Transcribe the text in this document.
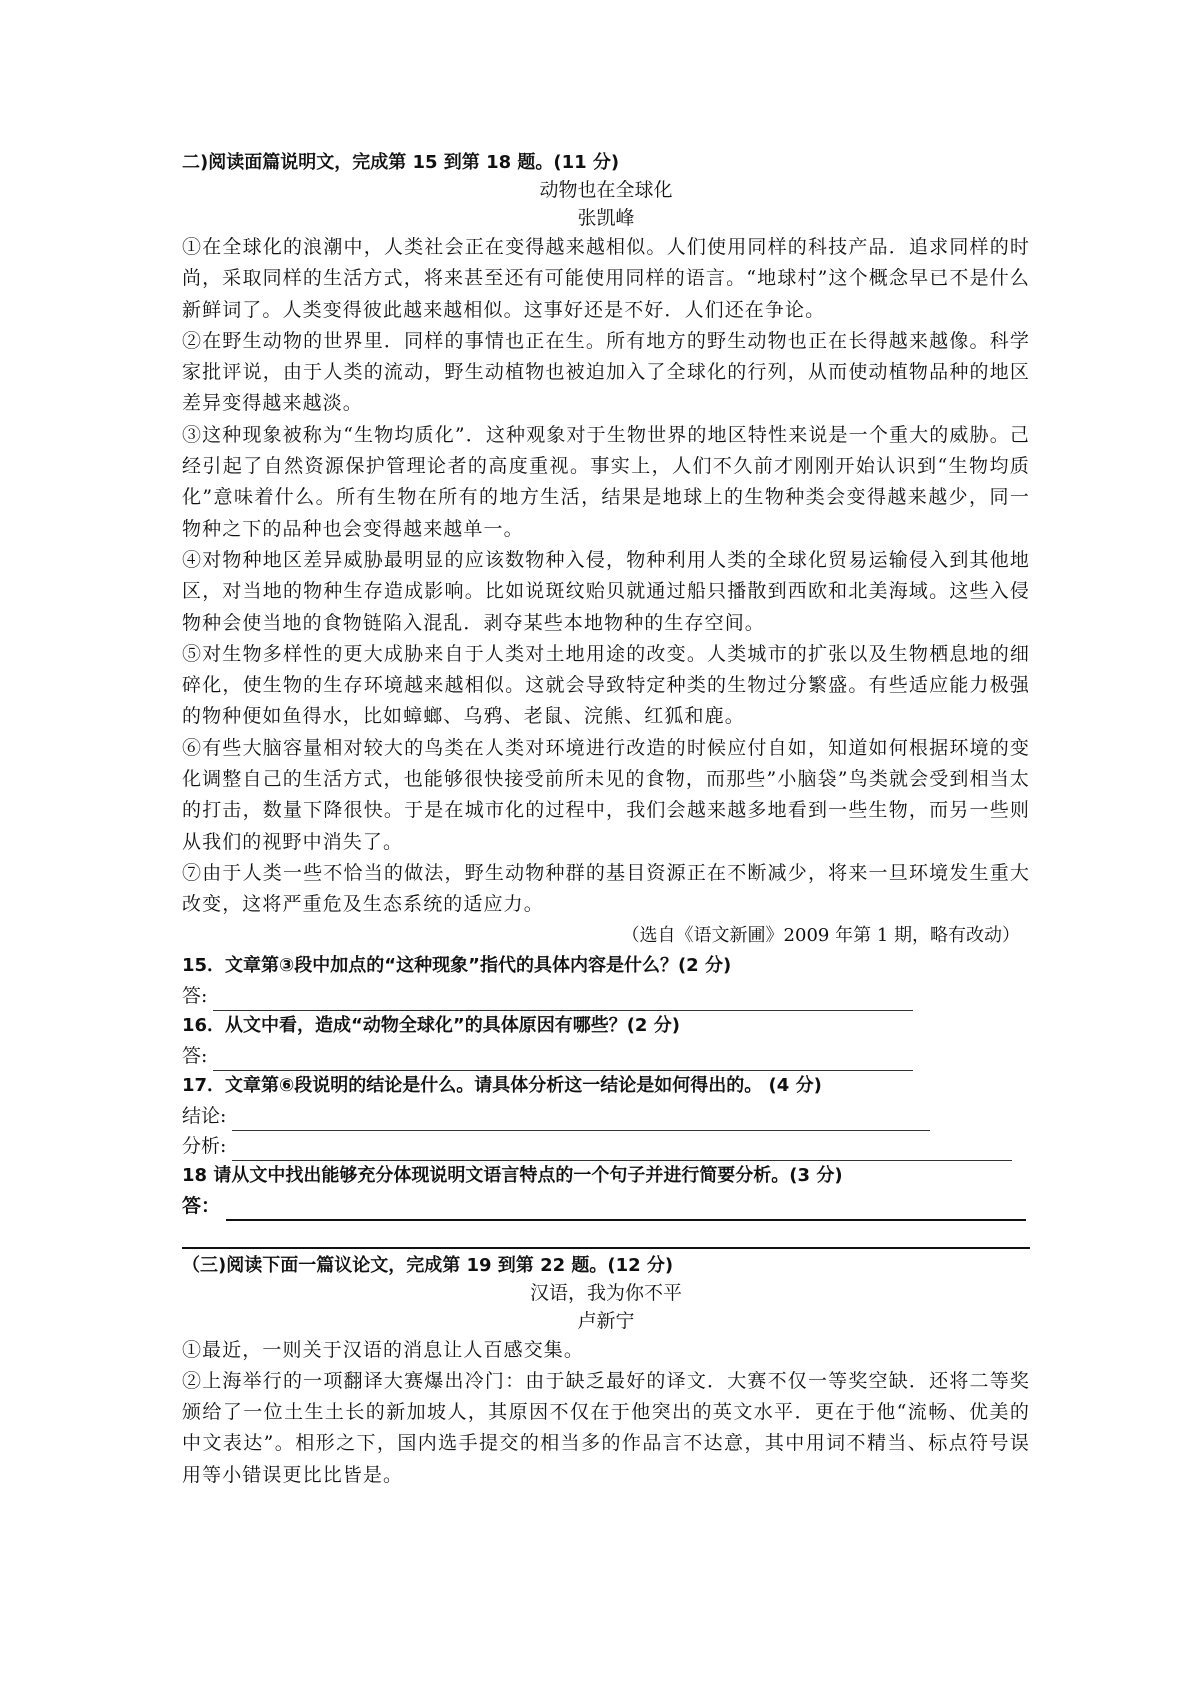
二)阅读面篇说明文，完成第 15 到第 18 题。(11 分)
动物也在全球化
张凯峰

①在全球化的浪潮中，人类社会正在变得越来越相似。人们使用同样的科技产品．追求同样的时尚，采取同样的生活方式，将来甚至还有可能使用同样的语言。“地球村”这个概念早已不是什么新鲜词了。人类变得彼此越来越相似。这事好还是不好．人们还在争论。

②在野生动物的世界里．同样的事情也正在生。所有地方的野生动物也正在长得越来越像。科学家批评说，由于人类的流动，野生动植物也被迫加入了全球化的行列，从而使动植物品种的地区差异变得越来越淡。

③这种现象被称为“生物均质化”．这种观象对于生物世界的地区特性来说是一个重大的威胁。己经引起了自然资源保护管理论者的高度重视。事实上，人们不久前才刚刚开始认识到“生物均质化”意味着什么。所有生物在所有的地方生活，结果是地球上的生物种类会变得越来越少，同一物种之下的品种也会变得越来越单一。

④对物种地区差异威胁最明显的应该数物种入侵，物种利用人类的全球化贸易运输侵入到其他地区，对当地的物种生存造成影响。比如说斑纹贻贝就通过船只播散到西欧和北美海域。这些入侵物种会使当地的食物链陷入混乱．剥夺某些本地物种的生存空间。

⑤对生物多样性的更大成胁来自于人类对土地用途的改变。人类城市的扩张以及生物栖息地的细碎化，使生物的生存环境越来越相似。这就会导致特定种类的生物过分繁盛。有些适应能力极强的物种便如鱼得水，比如蟑螂、乌鸦、老鼠、浣熊、红狐和鹿。

⑥有些大脑容量相对较大的鸟类在人类对环境进行改造的时候应付自如，知道如何根据环境的变化调整自己的生活方式，也能够很快接受前所未见的食物，而那些”小脑袋”鸟类就会受到相当太的打击，数量下降很快。于是在城市化的过程中，我们会越来越多地看到一些生物，而另一些则从我们的视野中消失了。

⑦由于人类一些不恰当的做法，野生动物种群的基目资源正在不断减少，将来一旦环境发生重大改变，这将严重危及生态系统的适应力。

（选自《语文新圃》2009 年第 1 期，略有改动）
15．文章第③段中加点的“这种现象”指代的具体内容是什么？(2 分)
答:
16．从文中看，造成“动物全球化”的具体原因有哪些？(2 分)
答:
17．文章第⑥段说明的结论是什么。请具体分析这一结论是如何得出的。 (4 分)
结论:
分析:
18 请从文中找出能够充分体现说明文语言特点的一个句子并进行简要分析。(3 分)
答：
（三)阅读下面一篇议论文，完成第 19 到第 22 题。(12 分)
汉语，我为你不平
卢新宁

①最近，一则关于汉语的消息让人百感交集。

②上海举行的一项翻译大赛爆出冷门：由于缺乏最好的译文．大赛不仅一等奖空缺．还将二等奖颁给了一位土生土长的新加坡人，其原因不仅在于他突出的英文水平．更在于他“流畅、优美的中文表达”。相形之下，国内选手提交的相当多的作品言不达意，其中用词不精当、标点符号误用等小错误更比比皆是。
